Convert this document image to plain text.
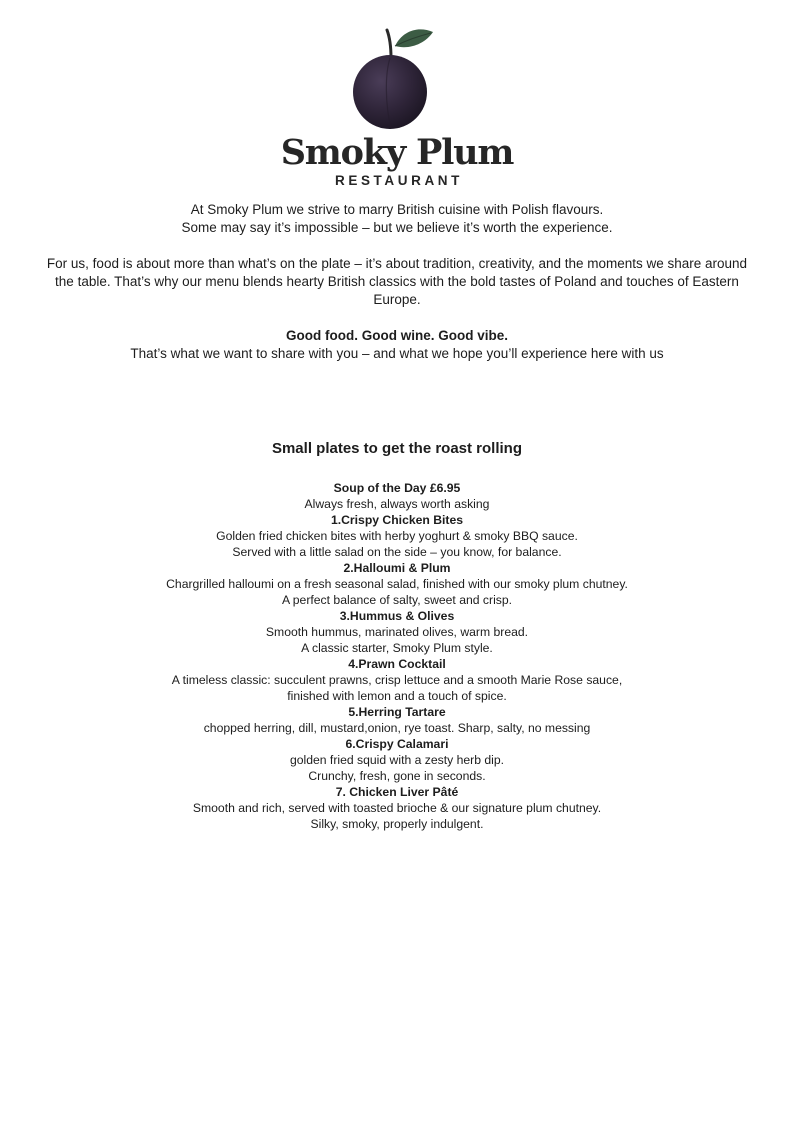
Smoky Plum
RESTAURANT

At Smoky Plum we strive to marry British cuisine with Polish flavours.

Some may say it’s impossible – but we believe it’s worth the experience.

For us, food is about more than what’s on the plate – it’s about tradition, creativity, and the moments we share around the table. That’s why our menu blends hearty British classics with the bold tastes of Poland and touches of Eastern Europe.

Good food. Good wine. Good vibe.

That’s what we want to share with you – and what we hope you’ll experience here with us

Small plates to get the roast rolling

Soup of the Day £6.95

Always fresh, always worth asking

1.Crispy Chicken Bites

Golden fried chicken bites with herby yoghurt & smoky BBQ sauce.

Served with a little salad on the side – you know, for balance.

2.Halloumi & Plum

Chargrilled halloumi on a fresh seasonal salad, finished with our smoky plum chutney.

A perfect balance of salty, sweet and crisp.

3.Hummus & Olives

Smooth hummus, marinated olives, warm bread.

A classic starter, Smoky Plum style.

4.Prawn Cocktail

A timeless classic: succulent prawns, crisp lettuce and a smooth Marie Rose sauce,

finished with lemon and a touch of spice.

5.Herring Tartare

chopped herring, dill, mustard,onion, rye toast. Sharp, salty, no messing

6.Crispy Calamari

golden fried squid with a zesty herb dip.

Crunchy, fresh, gone in seconds.

7. Chicken Liver Pâté

Smooth and rich, served with toasted brioche & our signature plum chutney.

Silky, smoky, properly indulgent.
